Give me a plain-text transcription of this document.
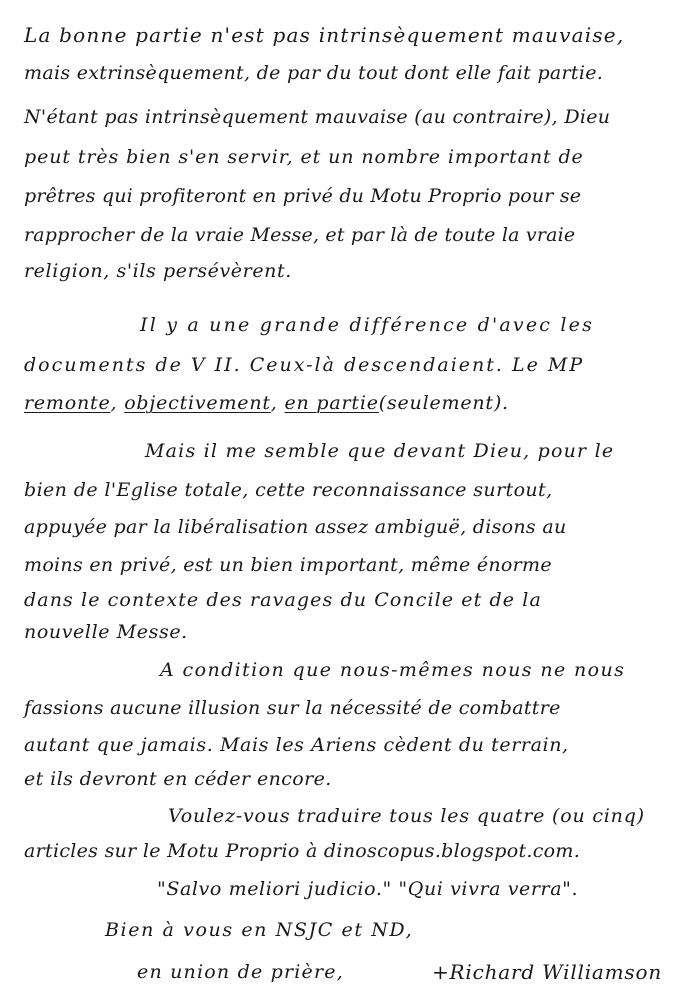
La bonne partie n'est pas intrinsèquement mauvaise,
mais extrinsèquement, de par du tout dont elle fait partie.
N'étant pas intrinsèquement mauvaise (au contraire), Dieu
peut très bien s'en servir, et un nombre important de
prêtres qui profiteront en privé du Motu Proprio pour se
rapprocher de la vraie Messe, et par là de toute la vraie
religion, s'ils persévèrent.
Il y a une grande différence d'avec les
documents de V II. Ceux-là descendaient. Le MP
remonte, objectivement, en partie(seulement).
Mais il me semble que devant Dieu, pour le
bien de l'Eglise totale, cette reconnaissance surtout,
appuyée par la libéralisation assez ambiguë, disons au
moins en privé, est un bien important, même énorme
dans le contexte des ravages du Concile et de la
nouvelle Messe.
A condition que nous-mêmes nous ne nous
fassions aucune illusion sur la nécessité de combattre
autant que jamais. Mais les Ariens cèdent du terrain,
et ils devront en céder encore.
Voulez-vous traduire tous les quatre (ou cinq)
articles sur le Motu Proprio à dinoscopus.blogspot.com.
"Salvo meliori judicio." "Qui vivra verra".
Bien à vous en NSJC et ND,
en union de prière,	+Richard Williamson
